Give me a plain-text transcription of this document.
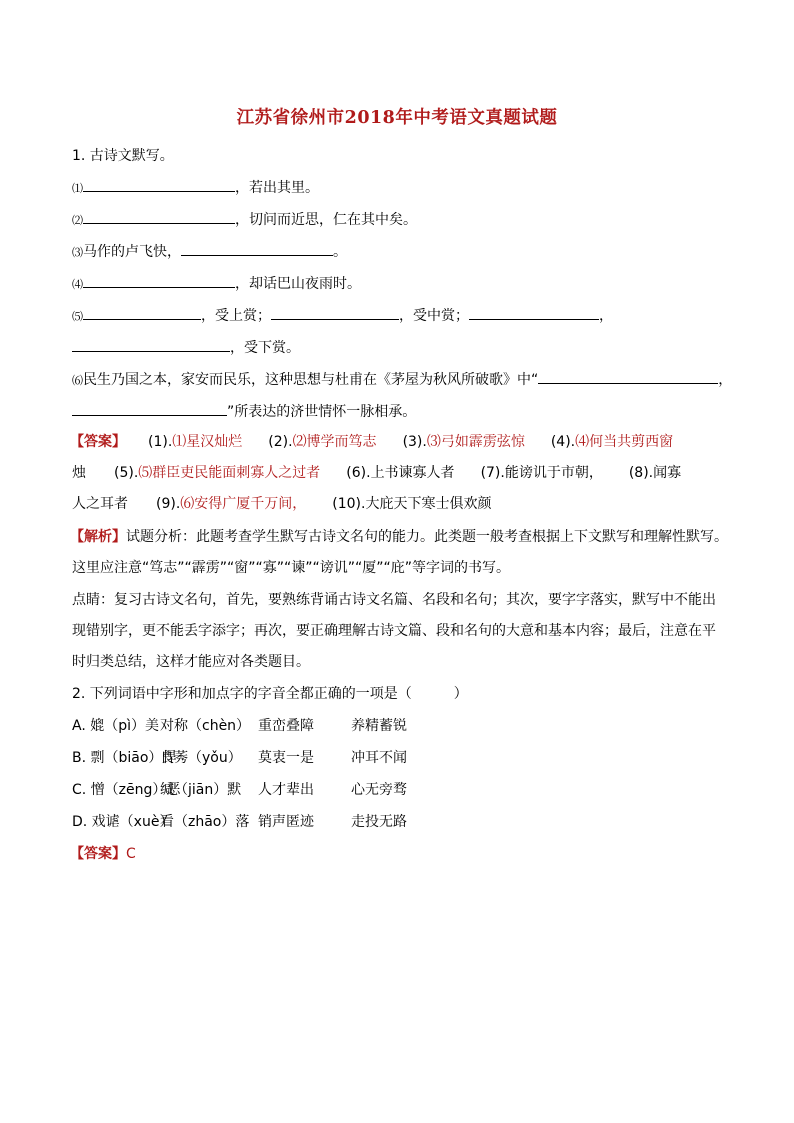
江苏省徐州市2018年中考语文真题试题
1. 古诗文默写。
⑴	，若出其里。
⑵	，切问而近思，仁在其中矣。
⑶马作的卢飞快，	。
⑷	，却话巴山夜雨时。
⑸	，受上赏；	，受中赏；	，
，受下赏。
⑹民生乃国之本，家安而民乐，这种思想与杜甫在《茅屋为秋风所破歌》中“	，
”所表达的济世情怀一脉相承。
【答案】 (1).⑴星汉灿烂 (2).⑵博学而笃志 (3).⑶弓如霹雳弦惊 (4).⑷何当共剪西窗
烛 (5).⑸群臣吏民能面刺寡人之过者 (6).上书谏寡人者 (7).能谤讥于市朝， (8).闻寡
人之耳者 (9).⑹安得广厦千万间， (10).大庇天下寒士俱欢颜
【解析】试题分析：此题考查学生默写古诗文名句的能力。此类题一般考查根据上下文默写和理解性默写。
这里应注意“笃志”“霹雳”“窗”“寡”“谏”“谤讥”“厦”“庇”等字词的书写。
点睛：复习古诗文名句，首先，要熟练背诵古诗文名篇、名段和名句；其次，要字字落实，默写中不能出
现错别字，更不能丢字添字；再次，要正确理解古诗文篇、段和名句的大意和基本内容；最后，注意在平
时归类总结，这样才能应对各类题目。
2. 下列词语中字形和加点字的字音全都正确的一项是（　　　）
A. 媲（pì）美对称（chèn） 重峦叠障	养精蓄锐
B. 剽（biāo）悍良莠（yǒu） 莫衷一是	冲耳不闻
C. 憎（zēng）恶缄（jiān）默 人才辈出	心无旁骛
D. 戏谑（xuè）看（zhāo）落 销声匿迹	走投无路
【答案】C
